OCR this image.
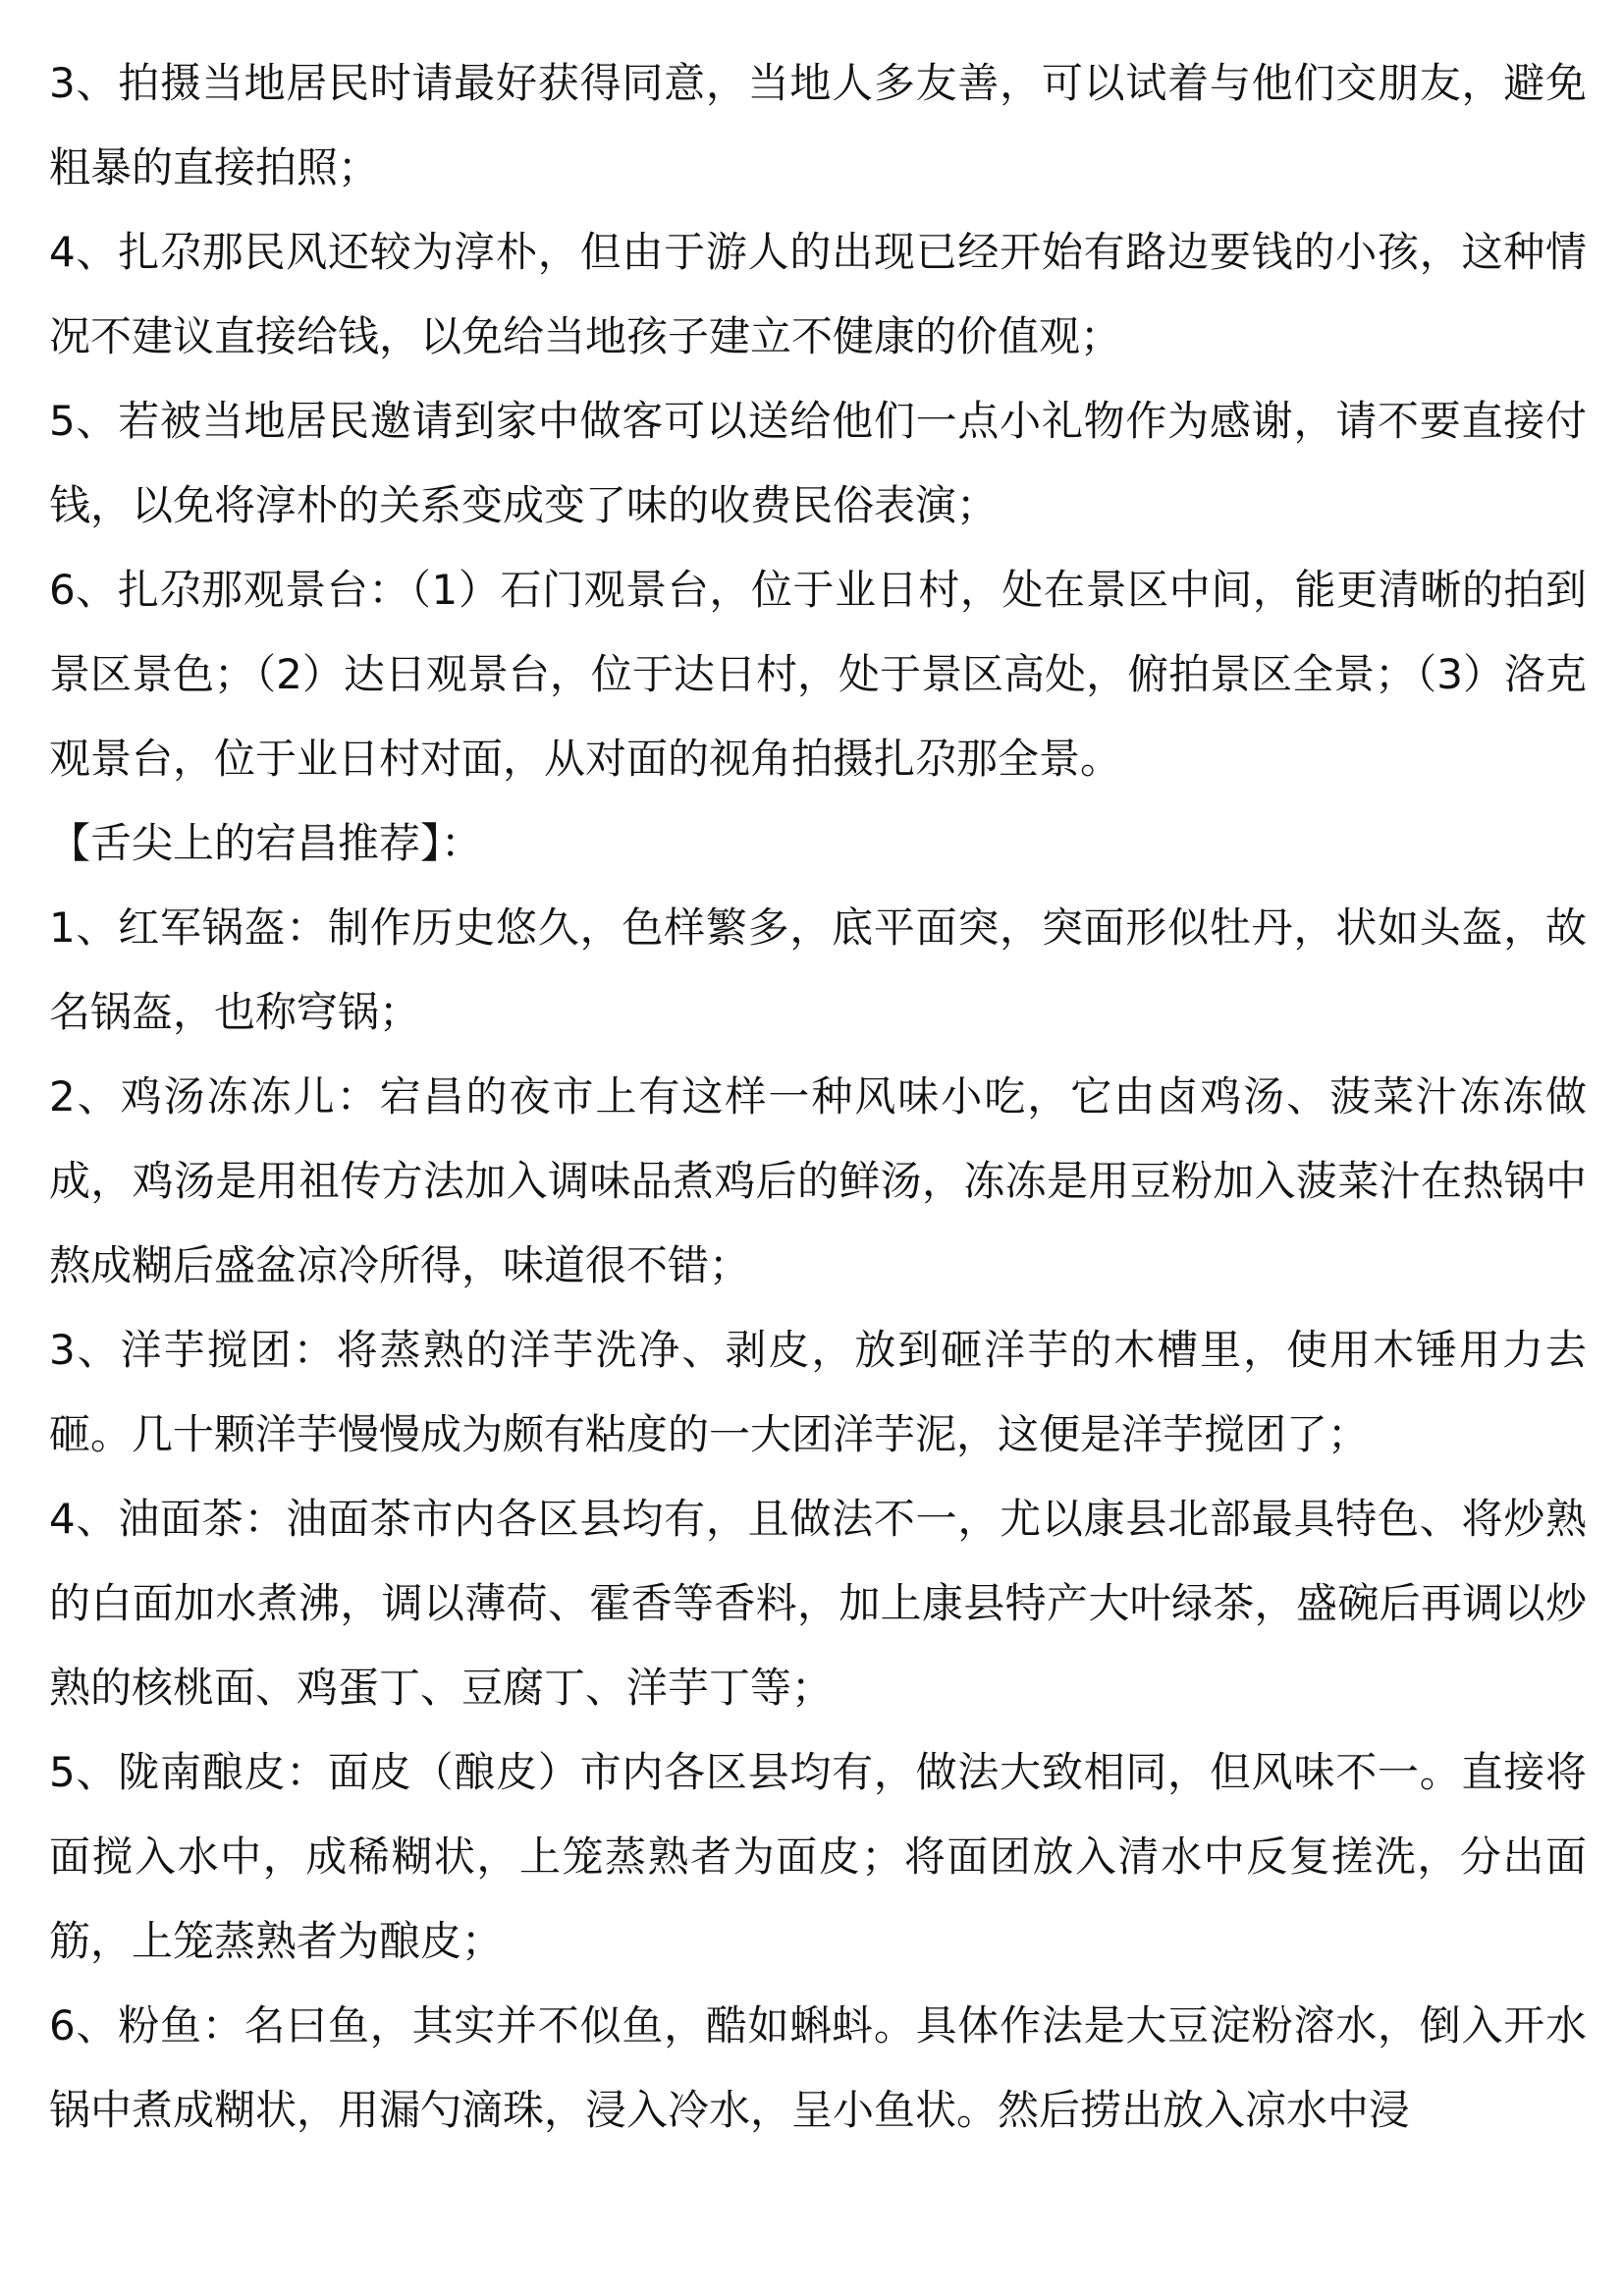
3、拍摄当地居民时请最好获得同意，当地人多友善，可以试着与他们交朋友，避免粗暴的直接拍照；

4、扎尕那民风还较为淳朴，但由于游人的出现已经开始有路边要钱的小孩，这种情况不建议直接给钱，以免给当地孩子建立不健康的价值观；

5、若被当地居民邀请到家中做客可以送给他们一点小礼物作为感谢，请不要直接付钱，以免将淳朴的关系变成变了味的收费民俗表演；

6、扎尕那观景台：（1）石门观景台，位于业日村，处在景区中间，能更清晰的拍到景区景色；（2）达日观景台，位于达日村，处于景区高处，俯拍景区全景；（3）洛克观景台，位于业日村对面，从对面的视角拍摄扎尕那全景。

【舌尖上的宕昌推荐】：

1、红军锅盔：制作历史悠久，色样繁多，底平面突，突面形似牡丹，状如头盔，故名锅盔，也称穹锅；

2、鸡汤冻冻儿：宕昌的夜市上有这样一种风味小吃，它由卤鸡汤、菠菜汁冻冻做成，鸡汤是用祖传方法加入调味品煮鸡后的鲜汤，冻冻是用豆粉加入菠菜汁在热锅中熬成糊后盛盆凉冷所得，味道很不错；

3、洋芋搅团：将蒸熟的洋芋洗净、剥皮，放到砸洋芋的木槽里，使用木锤用力去砸。几十颗洋芋慢慢成为颇有粘度的一大团洋芋泥，这便是洋芋搅团了；

4、油面茶：油面茶市内各区县均有，且做法不一，尤以康县北部最具特色、将炒熟的白面加水煮沸，调以薄荷、霍香等香料，加上康县特产大叶绿茶，盛碗后再调以炒熟的核桃面、鸡蛋丁、豆腐丁、洋芋丁等；

5、陇南酿皮：面皮（酿皮）市内各区县均有，做法大致相同，但风味不一。直接将面搅入水中，成稀糊状，上笼蒸熟者为面皮；将面团放入清水中反复搓洗，分出面筋，上笼蒸熟者为酿皮；

6、粉鱼：名曰鱼，其实并不似鱼，酷如蝌蚪。具体作法是大豆淀粉溶水，倒入开水锅中煮成糊状，用漏勺滴珠，浸入冷水，呈小鱼状。然后捞出放入凉水中浸
